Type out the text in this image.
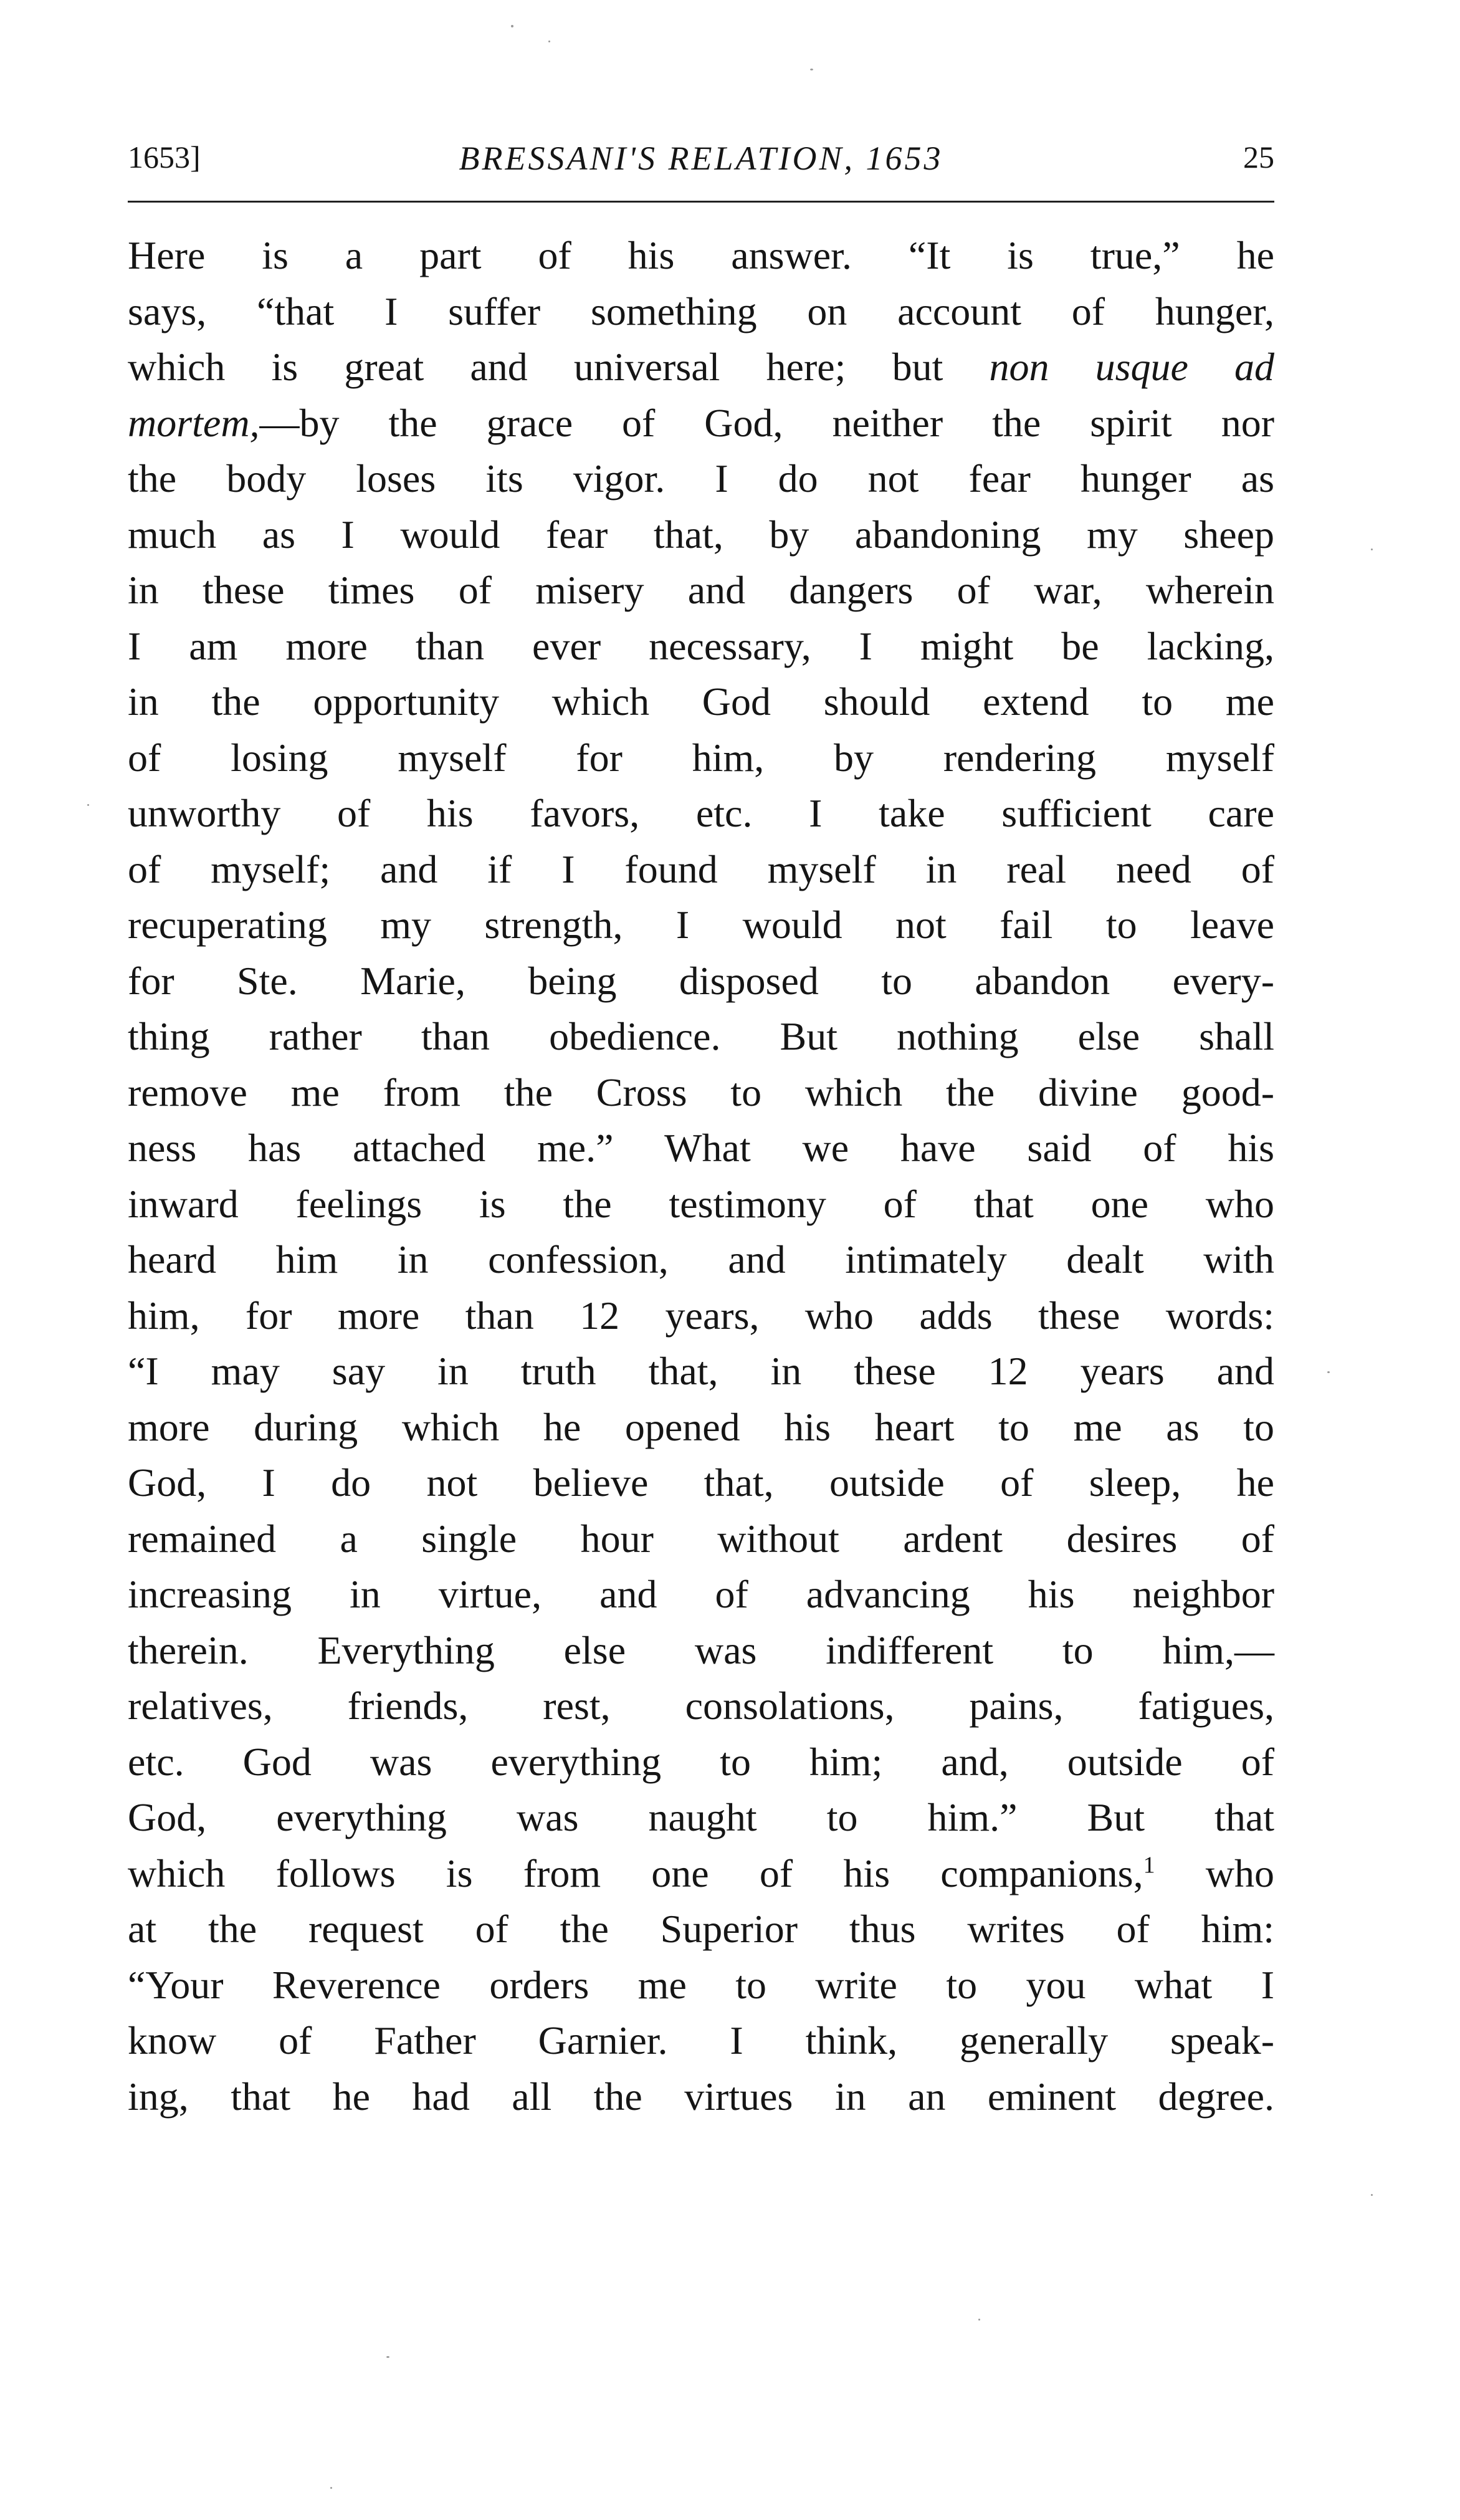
1653]	BRESSANI'S RELATION, 1653	25
Here is a part of his answer. “It is true,” he
says, “that I suffer something on account of hunger,
which is great and universal here; but non usque ad
mortem,—by the grace of God, neither the spirit nor
the body loses its vigor. I do not fear hunger as
much as I would fear that, by abandoning my sheep
in these times of misery and dangers of war, wherein
I am more than ever necessary, I might be lacking,
in the opportunity which God should extend to me
of losing myself for him, by rendering myself
unworthy of his favors, etc. I take sufficient care
of myself; and if I found myself in real need of
recuperating my strength, I would not fail to leave
for Ste. Marie, being disposed to abandon every-
thing rather than obedience. But nothing else shall
remove me from the Cross to which the divine good-
ness has attached me.” What we have said of his
inward feelings is the testimony of that one who
heard him in confession, and intimately dealt with
him, for more than 12 years, who adds these words:
“I may say in truth that, in these 12 years and
more during which he opened his heart to me as to
God, I do not believe that, outside of sleep, he
remained a single hour without ardent desires of
increasing in virtue, and of advancing his neighbor
therein. Everything else was indifferent to him,—
relatives, friends, rest, consolations, pains, fatigues,
etc. God was everything to him; and, outside of
God, everything was naught to him.” But that
which follows is from one of his companions,$^1$ who
at the request of the Superior thus writes of him:
“Your Reverence orders me to write to you what I
know of Father Garnier. I think, generally speak-
ing, that he had all the virtues in an eminent degree.
